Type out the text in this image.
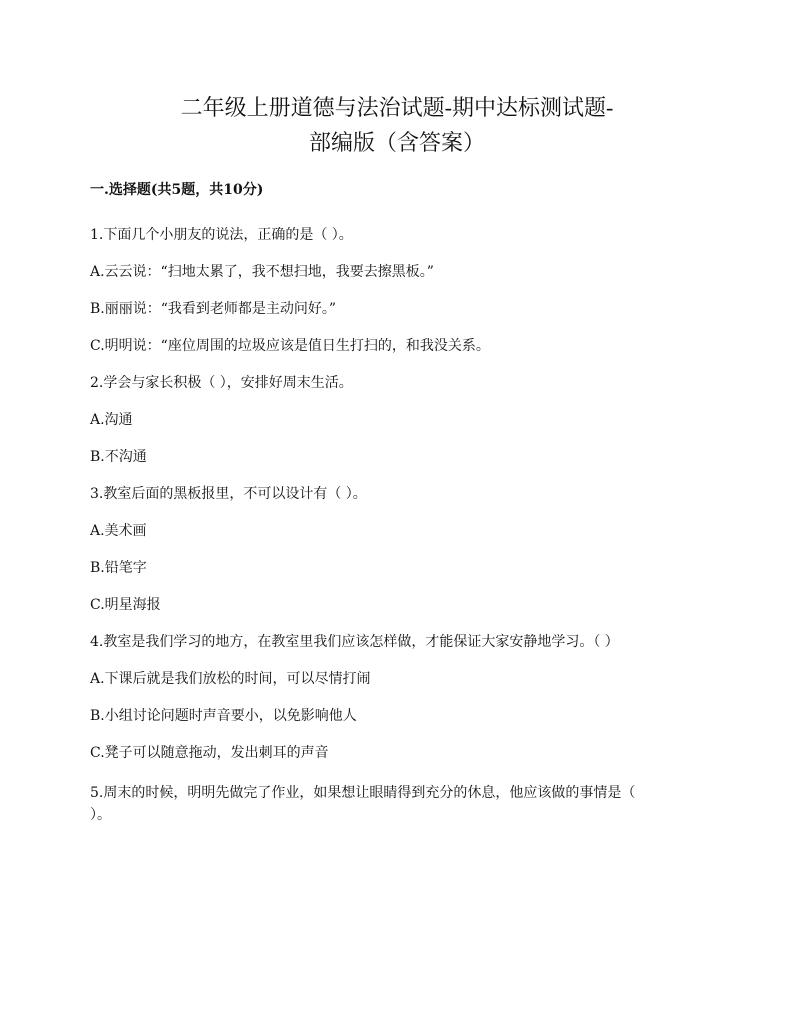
二年级上册道德与法治试题-期中达标测试题-
部编版（含答案）
一.选择题(共5题，共10分)
1.下面几个小朋友的说法，正确的是（ ）。
A.云云说：“扫地太累了，我不想扫地，我要去擦黑板。”
B.丽丽说：“我看到老师都是主动问好。”
C.明明说：“座位周围的垃圾应该是值日生打扫的，和我没关系。
2.学会与家长积极（ ），安排好周末生活。
A.沟通
B.不沟通
3.教室后面的黑板报里，不可以设计有（ ）。
A.美术画
B.铅笔字
C.明星海报
4.教室是我们学习的地方，在教室里我们应该怎样做，才能保证大家安静地学习。（ ）
A.下课后就是我们放松的时间，可以尽情打闹
B.小组讨论问题时声音要小，以免影响他人
C.凳子可以随意拖动，发出刺耳的声音
5.周末的时候，明明先做完了作业，如果想让眼睛得到充分的休息，他应该做的事情是（
）。
